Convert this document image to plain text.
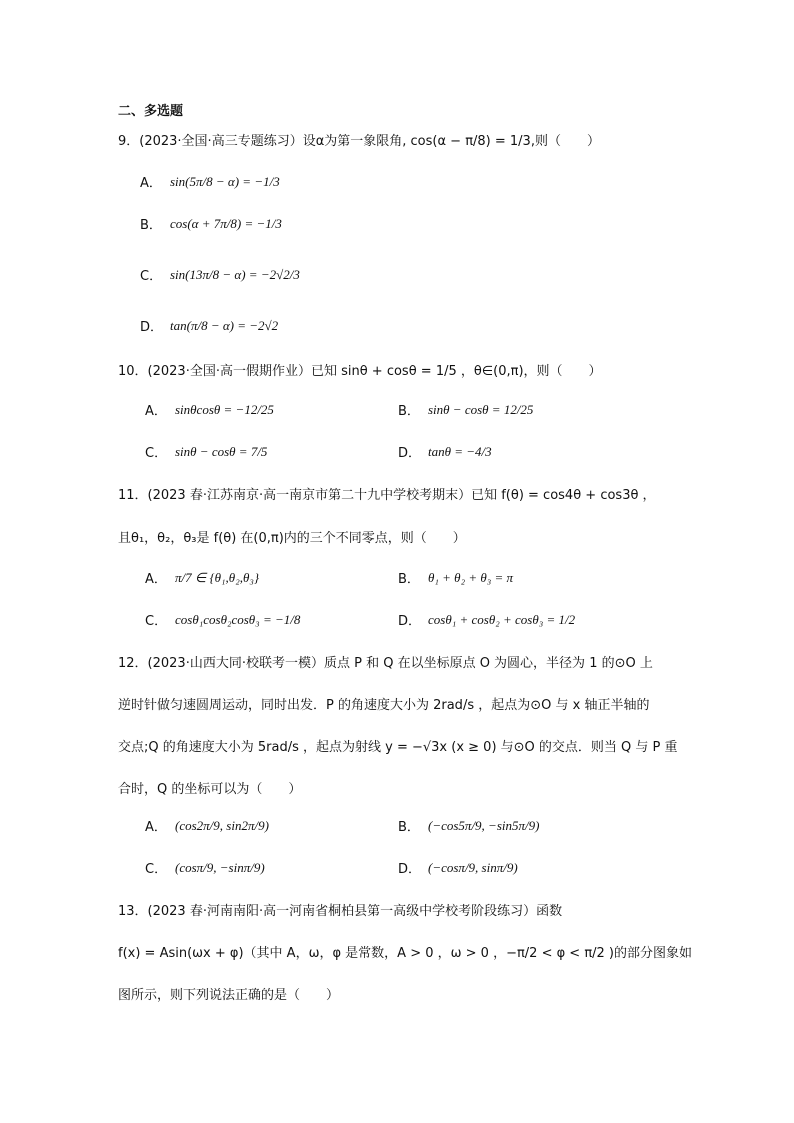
二、多选题
9．(2023·全国·高三专题练习）设α为第一象限角, cos(α − π/8) = 1/3,则（　　）
A． sin(5π/8 − α) = −1/3
B． cos(α + 7π/8) = −1/3
C． sin(13π/8 − α) = −2√2/3
D． tan(π/8 − α) = −2√2
10．(2023·全国·高一假期作业）已知 sinθ + cosθ = 1/5 ，θ∈(0,π)，则（　　）
A． sinθcosθ = −12/25	B． sinθ − cosθ = 12/25
C． sinθ − cosθ = 7/5	D． tanθ = −4/3
11．(2023 春·江苏南京·高一南京市第二十九中学校考期末）已知 f(θ) = cos4θ + cos3θ ，
且θ₁，θ₂，θ₃是 f(θ) 在(0,π)内的三个不同零点，则（　　）
A． π/7 ∈ {θ₁,θ₂,θ₃}	B． θ₁ + θ₂ + θ₃ = π
C． cosθ₁cosθ₂cosθ₃ = −1/8	D． cosθ₁ + cosθ₂ + cosθ₃ = 1/2
12．(2023·山西大同·校联考一模）质点 P 和 Q 在以坐标原点 O 为圆心，半径为 1 的⊙O 上
逆时针做匀速圆周运动，同时出发．P 的角速度大小为 2rad/s ，起点为⊙O 与 x 轴正半轴的
交点;Q 的角速度大小为 5rad/s ，起点为射线 y = −√3x (x ≥ 0) 与⊙O 的交点．则当 Q 与 P 重
合时，Q 的坐标可以为（　　）
A． (cos2π/9, sin2π/9)	B． (−cos5π/9, −sin5π/9)
C． (cosπ/9, −sinπ/9)	D． (−cosπ/9, sinπ/9)
13．(2023 春·河南南阳·高一河南省桐柏县第一高级中学校考阶段练习）函数
f(x) = Asin(ωx + φ)（其中 A，ω，φ 是常数，A > 0 ，ω > 0 ，−π/2 < φ < π/2 )的部分图象如
图所示，则下列说法正确的是（　　）
